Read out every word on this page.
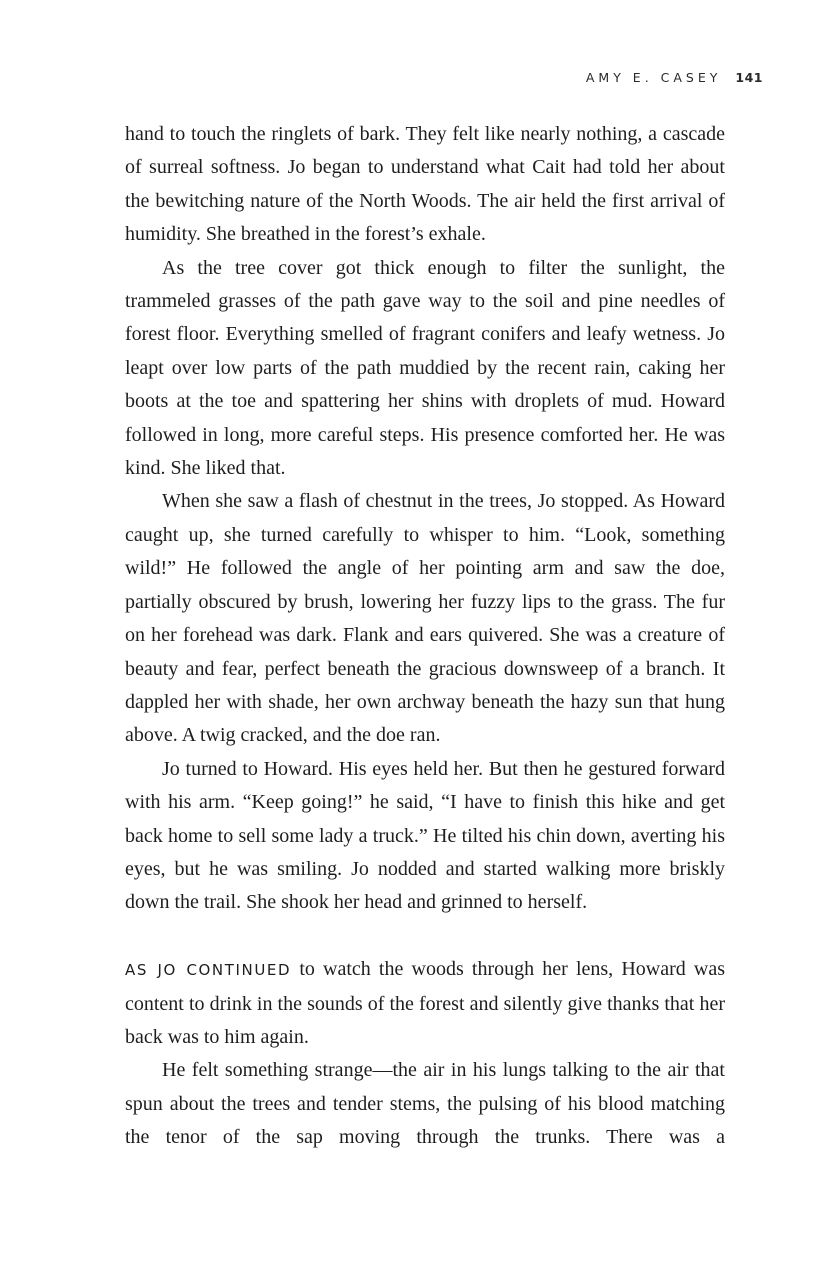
AMY E. CASEY 141

hand to touch the ringlets of bark. They felt like nearly nothing, a cascade of surreal softness. Jo began to understand what Cait had told her about the bewitching nature of the North Woods. The air held the first arrival of humidity. She breathed in the forest’s exhale.

As the tree cover got thick enough to filter the sunlight, the trammeled grasses of the path gave way to the soil and pine needles of forest floor. Everything smelled of fragrant conifers and leafy wetness. Jo leapt over low parts of the path muddied by the recent rain, caking her boots at the toe and spattering her shins with droplets of mud. Howard followed in long, more careful steps. His presence comforted her. He was kind. She liked that.

When she saw a flash of chestnut in the trees, Jo stopped. As Howard caught up, she turned carefully to whisper to him. “Look, something wild!” He followed the angle of her pointing arm and saw the doe, partially obscured by brush, lowering her fuzzy lips to the grass. The fur on her forehead was dark. Flank and ears quivered. She was a creature of beauty and fear, perfect beneath the gracious downsweep of a branch. It dappled her with shade, her own archway beneath the hazy sun that hung above. A twig cracked, and the doe ran.

Jo turned to Howard. His eyes held her. But then he gestured forward with his arm. “Keep going!” he said, “I have to finish this hike and get back home to sell some lady a truck.” He tilted his chin down, averting his eyes, but he was smiling. Jo nodded and started walking more briskly down the trail. She shook her head and grinned to herself.

AS JO CONTINUED to watch the woods through her lens, Howard was content to drink in the sounds of the forest and silently give thanks that her back was to him again.

He felt something strange—the air in his lungs talking to the air that spun about the trees and tender stems, the pulsing of his blood matching the tenor of the sap moving through the trunks. There was a
